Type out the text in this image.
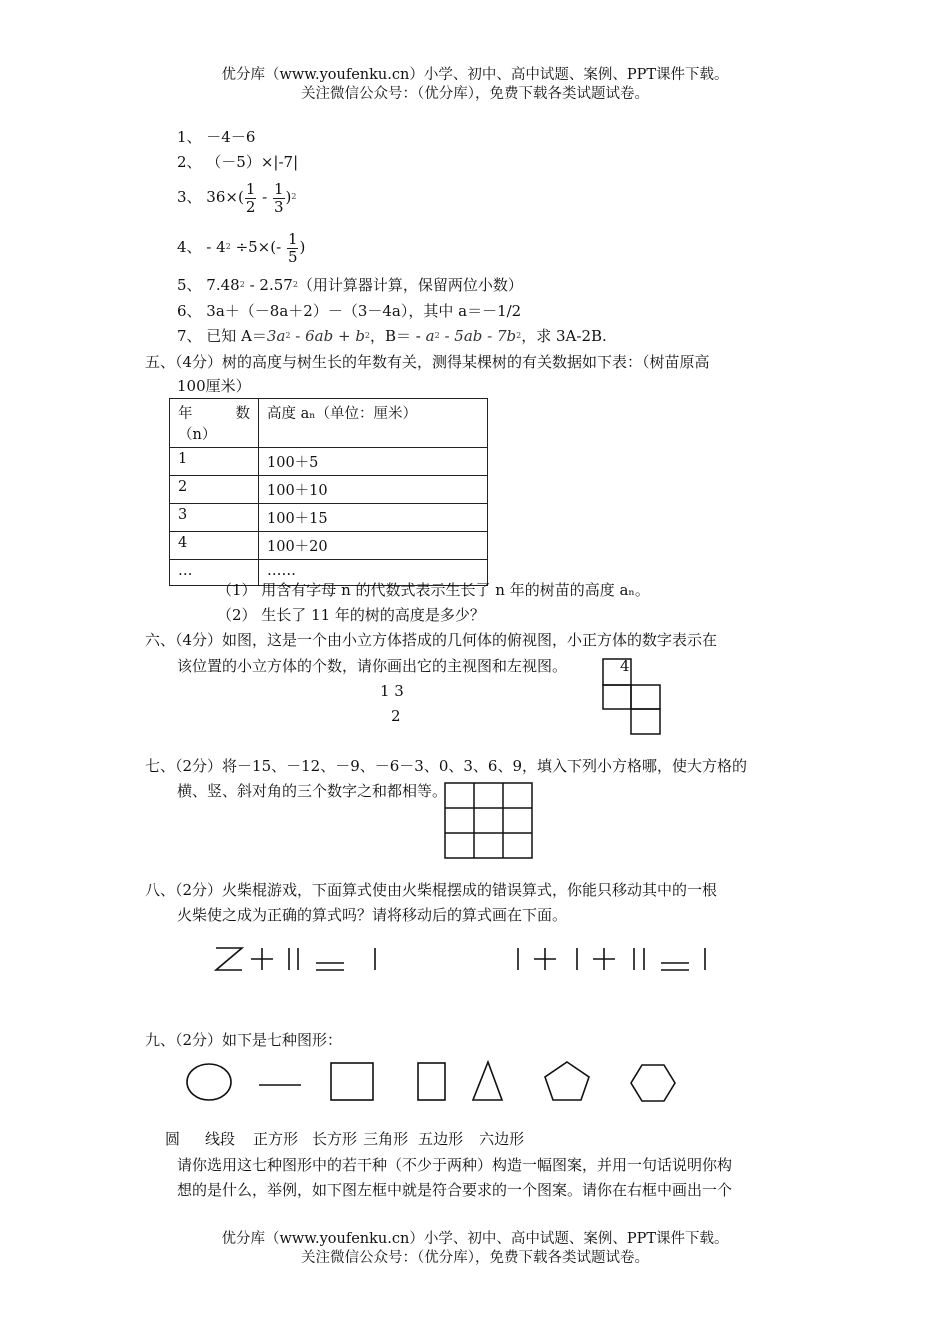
优分库（www.youfenku.cn）小学、初中、高中试题、案例、PPT课件下载。
关注微信公众号：（优分库），免费下载各类试题试卷。
1、 －4－6
2、 （－5）×|-7|
3、 $36\times( \frac{1}{2} - \frac{1}{3} )^2$
4、 - $4^2 \div 5\times(- \frac{1}{5}$ )
5、 7.48$^2$ - 2.57$^2$（用计算器计算，保留两位小数）
6、 3a＋（－8a＋2）－（3－4a），其中 a＝－1/2
7、 已知 $A=3a^2 - 6ab + b^2$，$B= - a^2 - 5ab - 7b^2$，求 3A-2B.
五、（4分）树的高度与树生长的年数有关，测得某棵树的有关数据如下表：（树苗原高
100厘米）
年 数
（n）	高度 aₙ（单位：厘米）
1	100＋5
2	100＋10
3	100＋15
4	100＋20
…	……
（1） 用含有字母 n 的代数式表示生长了 n 年的树苗的高度 aₙ。
（2） 生长了 11 年的树的高度是多少？
六、（4分）如图，这是一个由小立方体搭成的几何体的俯视图，小正方体的数字表示在
该位置的小立方体的个数，请你画出它的主视图和左视图。	4
1 3
2
七、（2分）将－15、－12、－9、－6－3、0、3、6、9，填入下列小方格哪，使大方格的
横、竖、斜对角的三个数字之和都相等。
八、（2分）火柴棍游戏，下面算式使由火柴棍摆成的错误算式，你能只移动其中的一根
火柴使之成为正确的算式吗？请将移动后的算式画在下面。
九、（2分）如下是七种图形：
圆 线段 正方形 长方形 三角形 五边形 六边形
请你选用这七种图形中的若干种（不少于两种）构造一幅图案，并用一句话说明你构
想的是什么，举例，如下图左框中就是符合要求的一个图案。请你在右框中画出一个
优分库（www.youfenku.cn）小学、初中、高中试题、案例、PPT课件下载。
关注微信公众号：（优分库），免费下载各类试题试卷。
